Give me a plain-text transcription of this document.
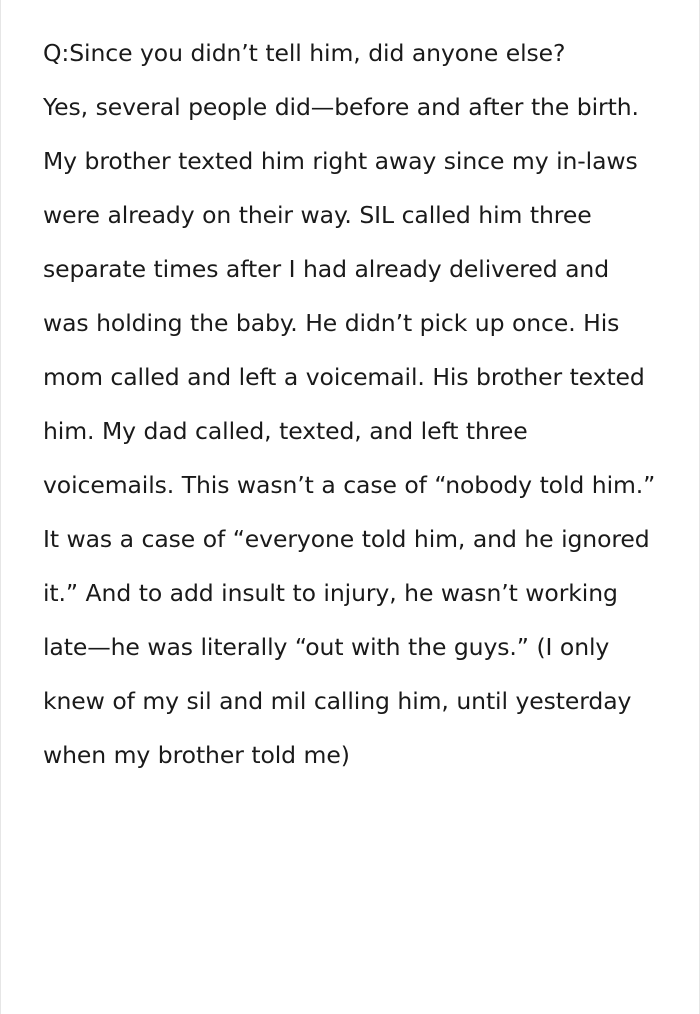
Q:Since you didn’t tell him, did anyone else?

Yes, several people did—before and after the birth. My brother texted him right away since my in-laws were already on their way. SIL called him three separate times after I had already delivered and was holding the baby. He didn’t pick up once. His mom called and left a voicemail. His brother texted him. My dad called, texted, and left three voicemails. This wasn’t a case of “nobody told him.” It was a case of “everyone told him, and he ignored it.” And to add insult to injury, he wasn’t working late—he was literally “out with the guys.” (I only knew of my sil and mil calling him, until yesterday when my brother told me)
